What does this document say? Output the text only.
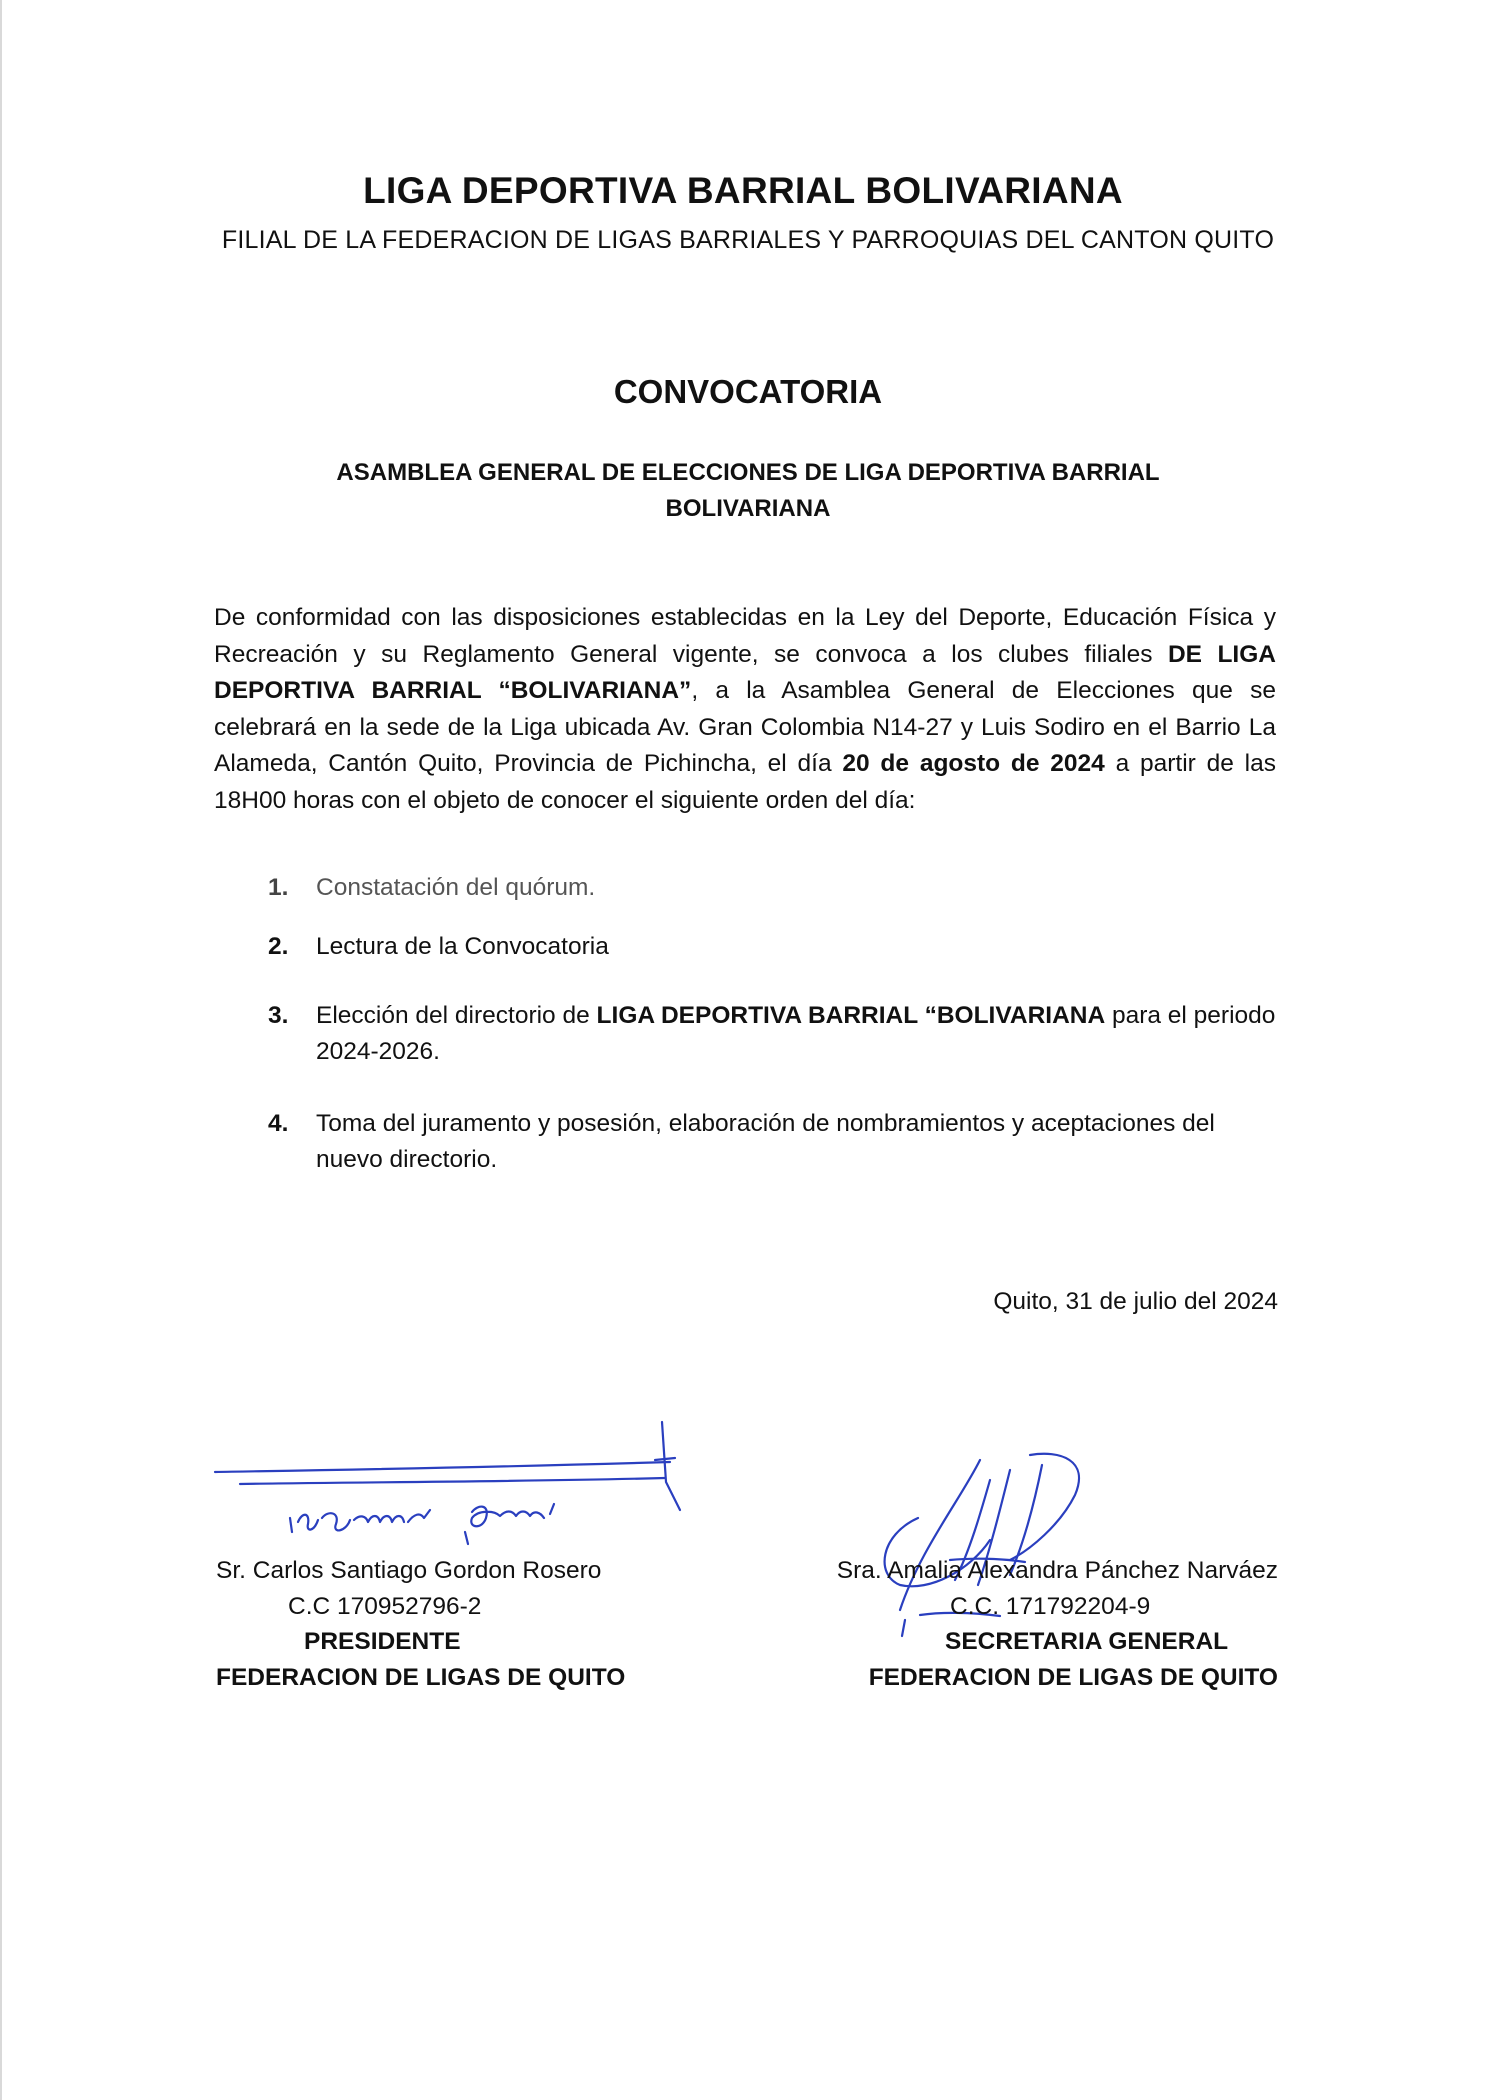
LIGA DEPORTIVA BARRIAL BOLIVARIANA
FILIAL DE LA FEDERACION DE LIGAS BARRIALES Y PARROQUIAS DEL CANTON QUITO
CONVOCATORIA
ASAMBLEA GENERAL DE ELECCIONES DE LIGA DEPORTIVA BARRIAL
BOLIVARIANA
De conformidad con las disposiciones establecidas en la Ley del Deporte, Educación Física y Recreación y su Reglamento General vigente, se convoca a los clubes filiales DE LIGA DEPORTIVA BARRIAL “BOLIVARIANA”, a la Asamblea General de Elecciones que se celebrará en la sede de la Liga ubicada Av. Gran Colombia N14-27 y Luis Sodiro en el Barrio La Alameda, Cantón Quito, Provincia de Pichincha, el día 20 de agosto de 2024 a partir de las 18H00 horas con el objeto de conocer el siguiente orden del día:
1.	Constatación del quórum.
2.	Lectura de la Convocatoria
3.	Elección del directorio de LIGA DEPORTIVA BARRIAL “BOLIVARIANA para el periodo 2024-2026.
4.	Toma del juramento y posesión, elaboración de nombramientos y aceptaciones del nuevo directorio.
Quito, 31 de julio del 2024
Sr. Carlos Santiago Gordon Rosero
C.C 170952796-2
PRESIDENTE
FEDERACION DE LIGAS DE QUITO
Sra. Amalia Alexandra Pánchez Narváez
C.C. 171792204-9
SECRETARIA GENERAL
FEDERACION DE LIGAS DE QUITO
